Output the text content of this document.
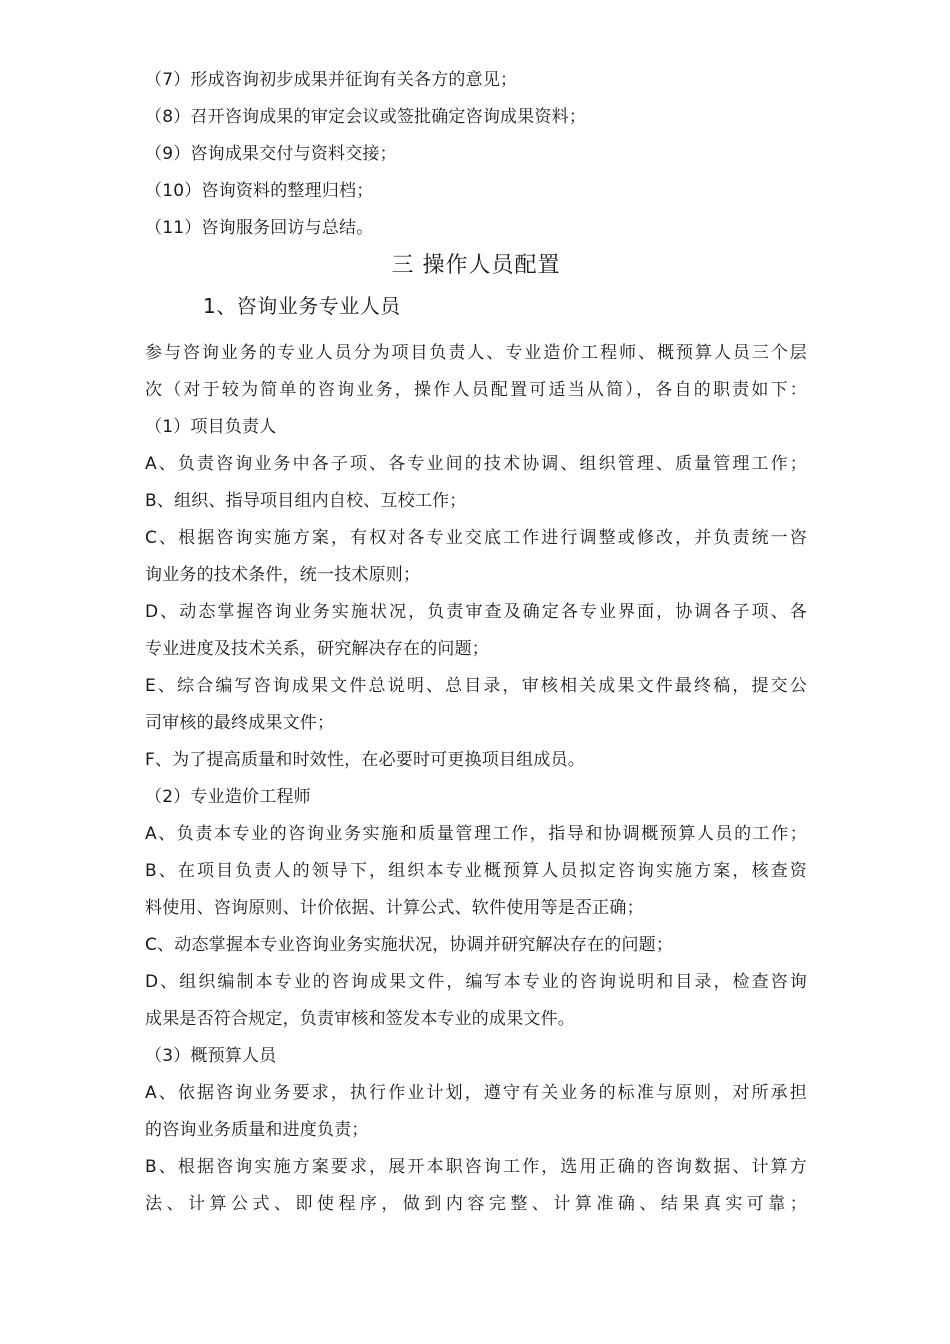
（7）形成咨询初步成果并征询有关各方的意见；
（8）召开咨询成果的审定会议或签批确定咨询成果资料；
（9）咨询成果交付与资料交接；
（10）咨询资料的整理归档；
（11）咨询服务回访与总结。
三 操作人员配置
1、咨询业务专业人员
参与咨询业务的专业人员分为项目负责人、专业造价工程师、概预算人员三个层
次（对于较为简单的咨询业务，操作人员配置可适当从简），各自的职责如下：
（1）项目负责人
A、负责咨询业务中各子项、各专业间的技术协调、组织管理、质量管理工作；
B、组织、指导项目组内自校、互校工作；
C、根据咨询实施方案，有权对各专业交底工作进行调整或修改，并负责统一咨
询业务的技术条件，统一技术原则；
D、动态掌握咨询业务实施状况，负责审查及确定各专业界面，协调各子项、各
专业进度及技术关系，研究解决存在的问题；
E、综合编写咨询成果文件总说明、总目录，审核相关成果文件最终稿，提交公
司审核的最终成果文件；
F、为了提高质量和时效性，在必要时可更换项目组成员。
（2）专业造价工程师
A、负责本专业的咨询业务实施和质量管理工作，指导和协调概预算人员的工作；
B、在项目负责人的领导下，组织本专业概预算人员拟定咨询实施方案，核查资
料使用、咨询原则、计价依据、计算公式、软件使用等是否正确；
C、动态掌握本专业咨询业务实施状况，协调并研究解决存在的问题；
D、组织编制本专业的咨询成果文件，编写本专业的咨询说明和目录，检查咨询
成果是否符合规定，负责审核和签发本专业的成果文件。
（3）概预算人员
A、依据咨询业务要求，执行作业计划，遵守有关业务的标准与原则，对所承担
的咨询业务质量和进度负责；
B、根据咨询实施方案要求，展开本职咨询工作，选用正确的咨询数据、计算方
法、计算公式、即使程序，做到内容完整、计算准确、结果真实可靠；
